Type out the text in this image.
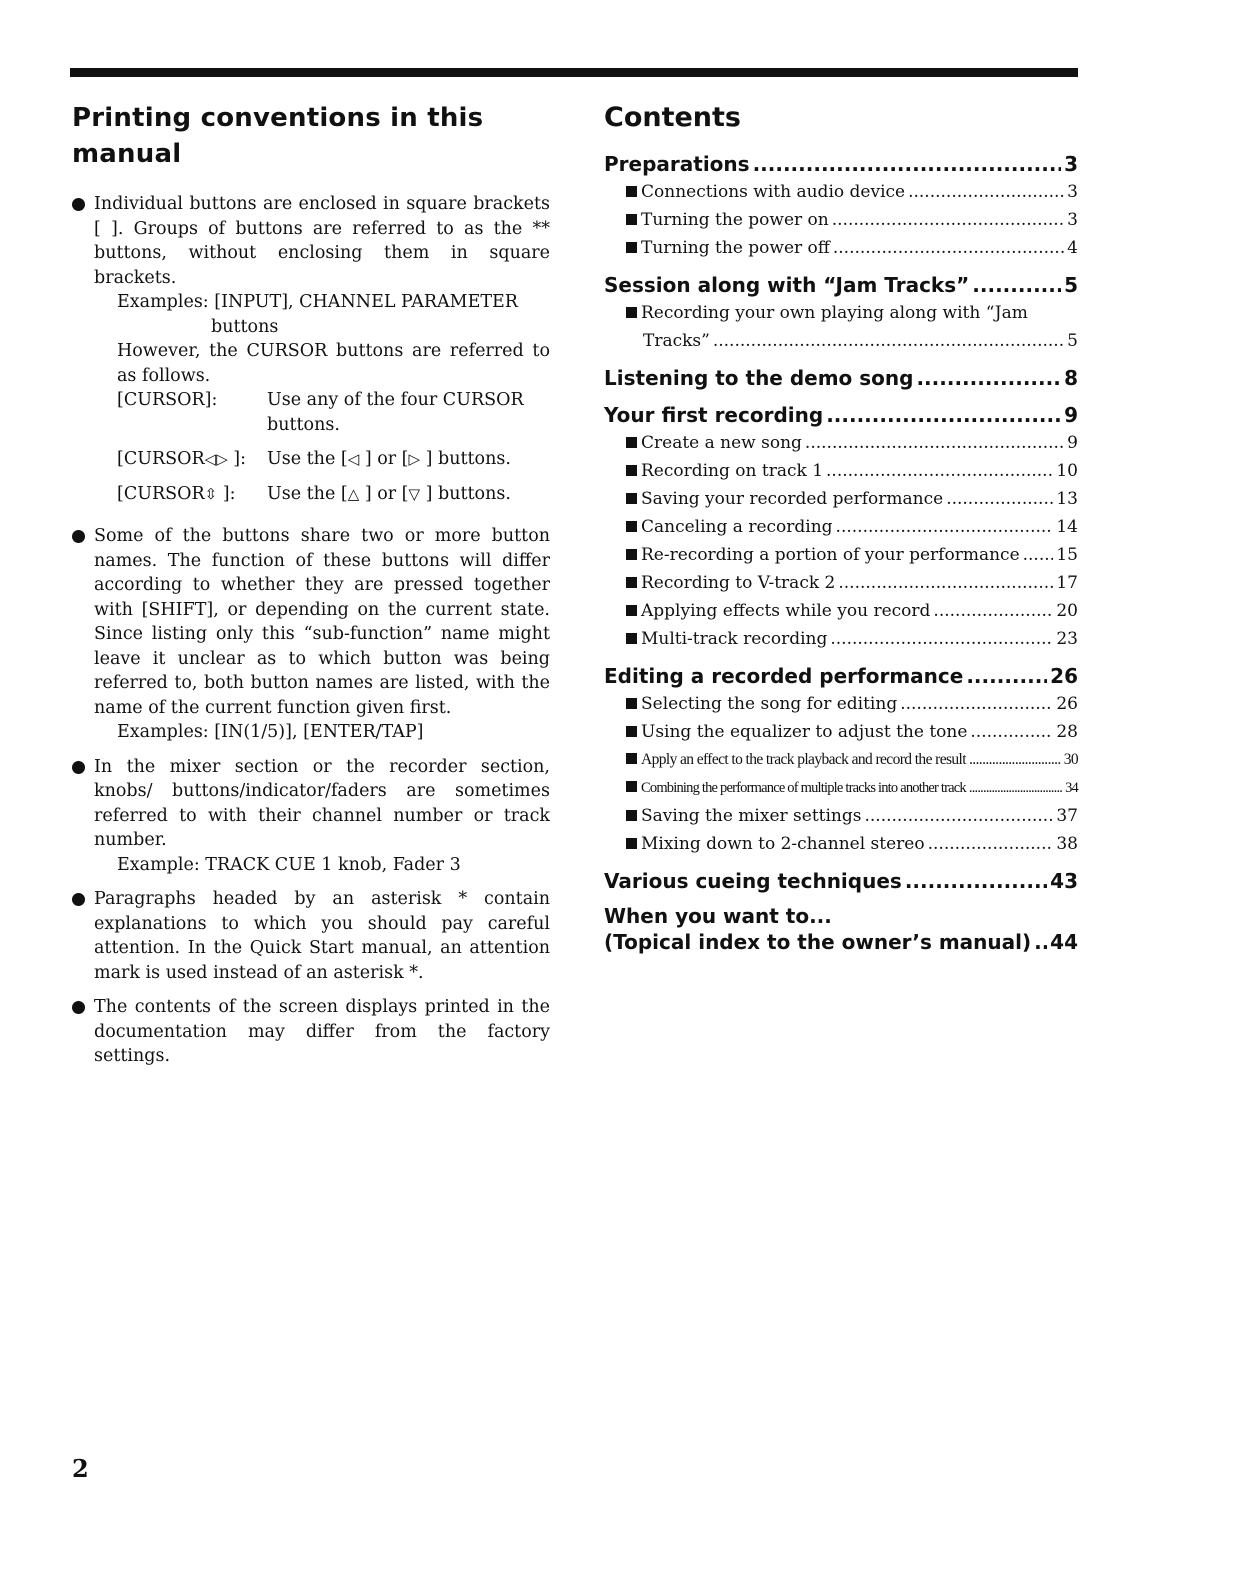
Printing conventions in this manual

Individual buttons are enclosed in square brackets [ ]. Groups of buttons are referred to as the ** buttons, without enclosing them in square brackets.

Examples: [INPUT], CHANNEL PARAMETER
buttons
However, the CURSOR buttons are referred to as follows.
[CURSOR]:	Use any of the four CURSOR buttons.
[CURSOR◁▷ ]:	Use the [◁ ] or [▷ ] buttons.
[CURSOR⇳ ]:	Use the [△ ] or [▽ ] buttons.

Some of the buttons share two or more button names. The function of these buttons will differ according to whether they are pressed together with [SHIFT], or depending on the current state. Since listing only this “sub-function” name might leave it unclear as to which button was being referred to, both button names are listed, with the name of the current function given first.

Examples: [IN(1/5)], [ENTER/TAP]

In the mixer section or the recorder section, knobs/ buttons/indicator/faders are sometimes referred to with their channel number or track number.

Example: TRACK CUE 1 knob, Fader 3

Paragraphs headed by an asterisk * contain explanations to which you should pay careful attention. In the Quick Start manual, an attention mark is used instead of an asterisk *.

The contents of the screen displays printed in the documentation may differ from the factory settings.

Contents
Preparations .....	3
Connections with audio device .....	3
Turning the power on .....	3
Turning the power off .....	4
Session along with “Jam Tracks” .....	5
Recording your own playing along with “Jam
Tracks” .....	5
Listening to the demo song .....	8
Your first recording .....	9
Create a new song .....	9
Recording on track 1 .....	10
Saving your recorded performance .....	13
Canceling a recording .....	14
Re-recording a portion of your performance ..... 15
Recording to V-track 2 .....	17
Applying effects while you record .....	20
Multi-track recording .....	23
Editing a recorded performance .....	26
Selecting the song for editing .....	26
Using the equalizer to adjust the tone .....	28
Apply an effect to the track playback and record the result .....	30
Combining the performance of multiple tracks into another track .....	34
Saving the mixer settings .....	37
Mixing down to 2-channel stereo .....	38
Various cueing techniques .....	43
When you want to...
(Topical index to the owner’s manual) ..... 44
2
